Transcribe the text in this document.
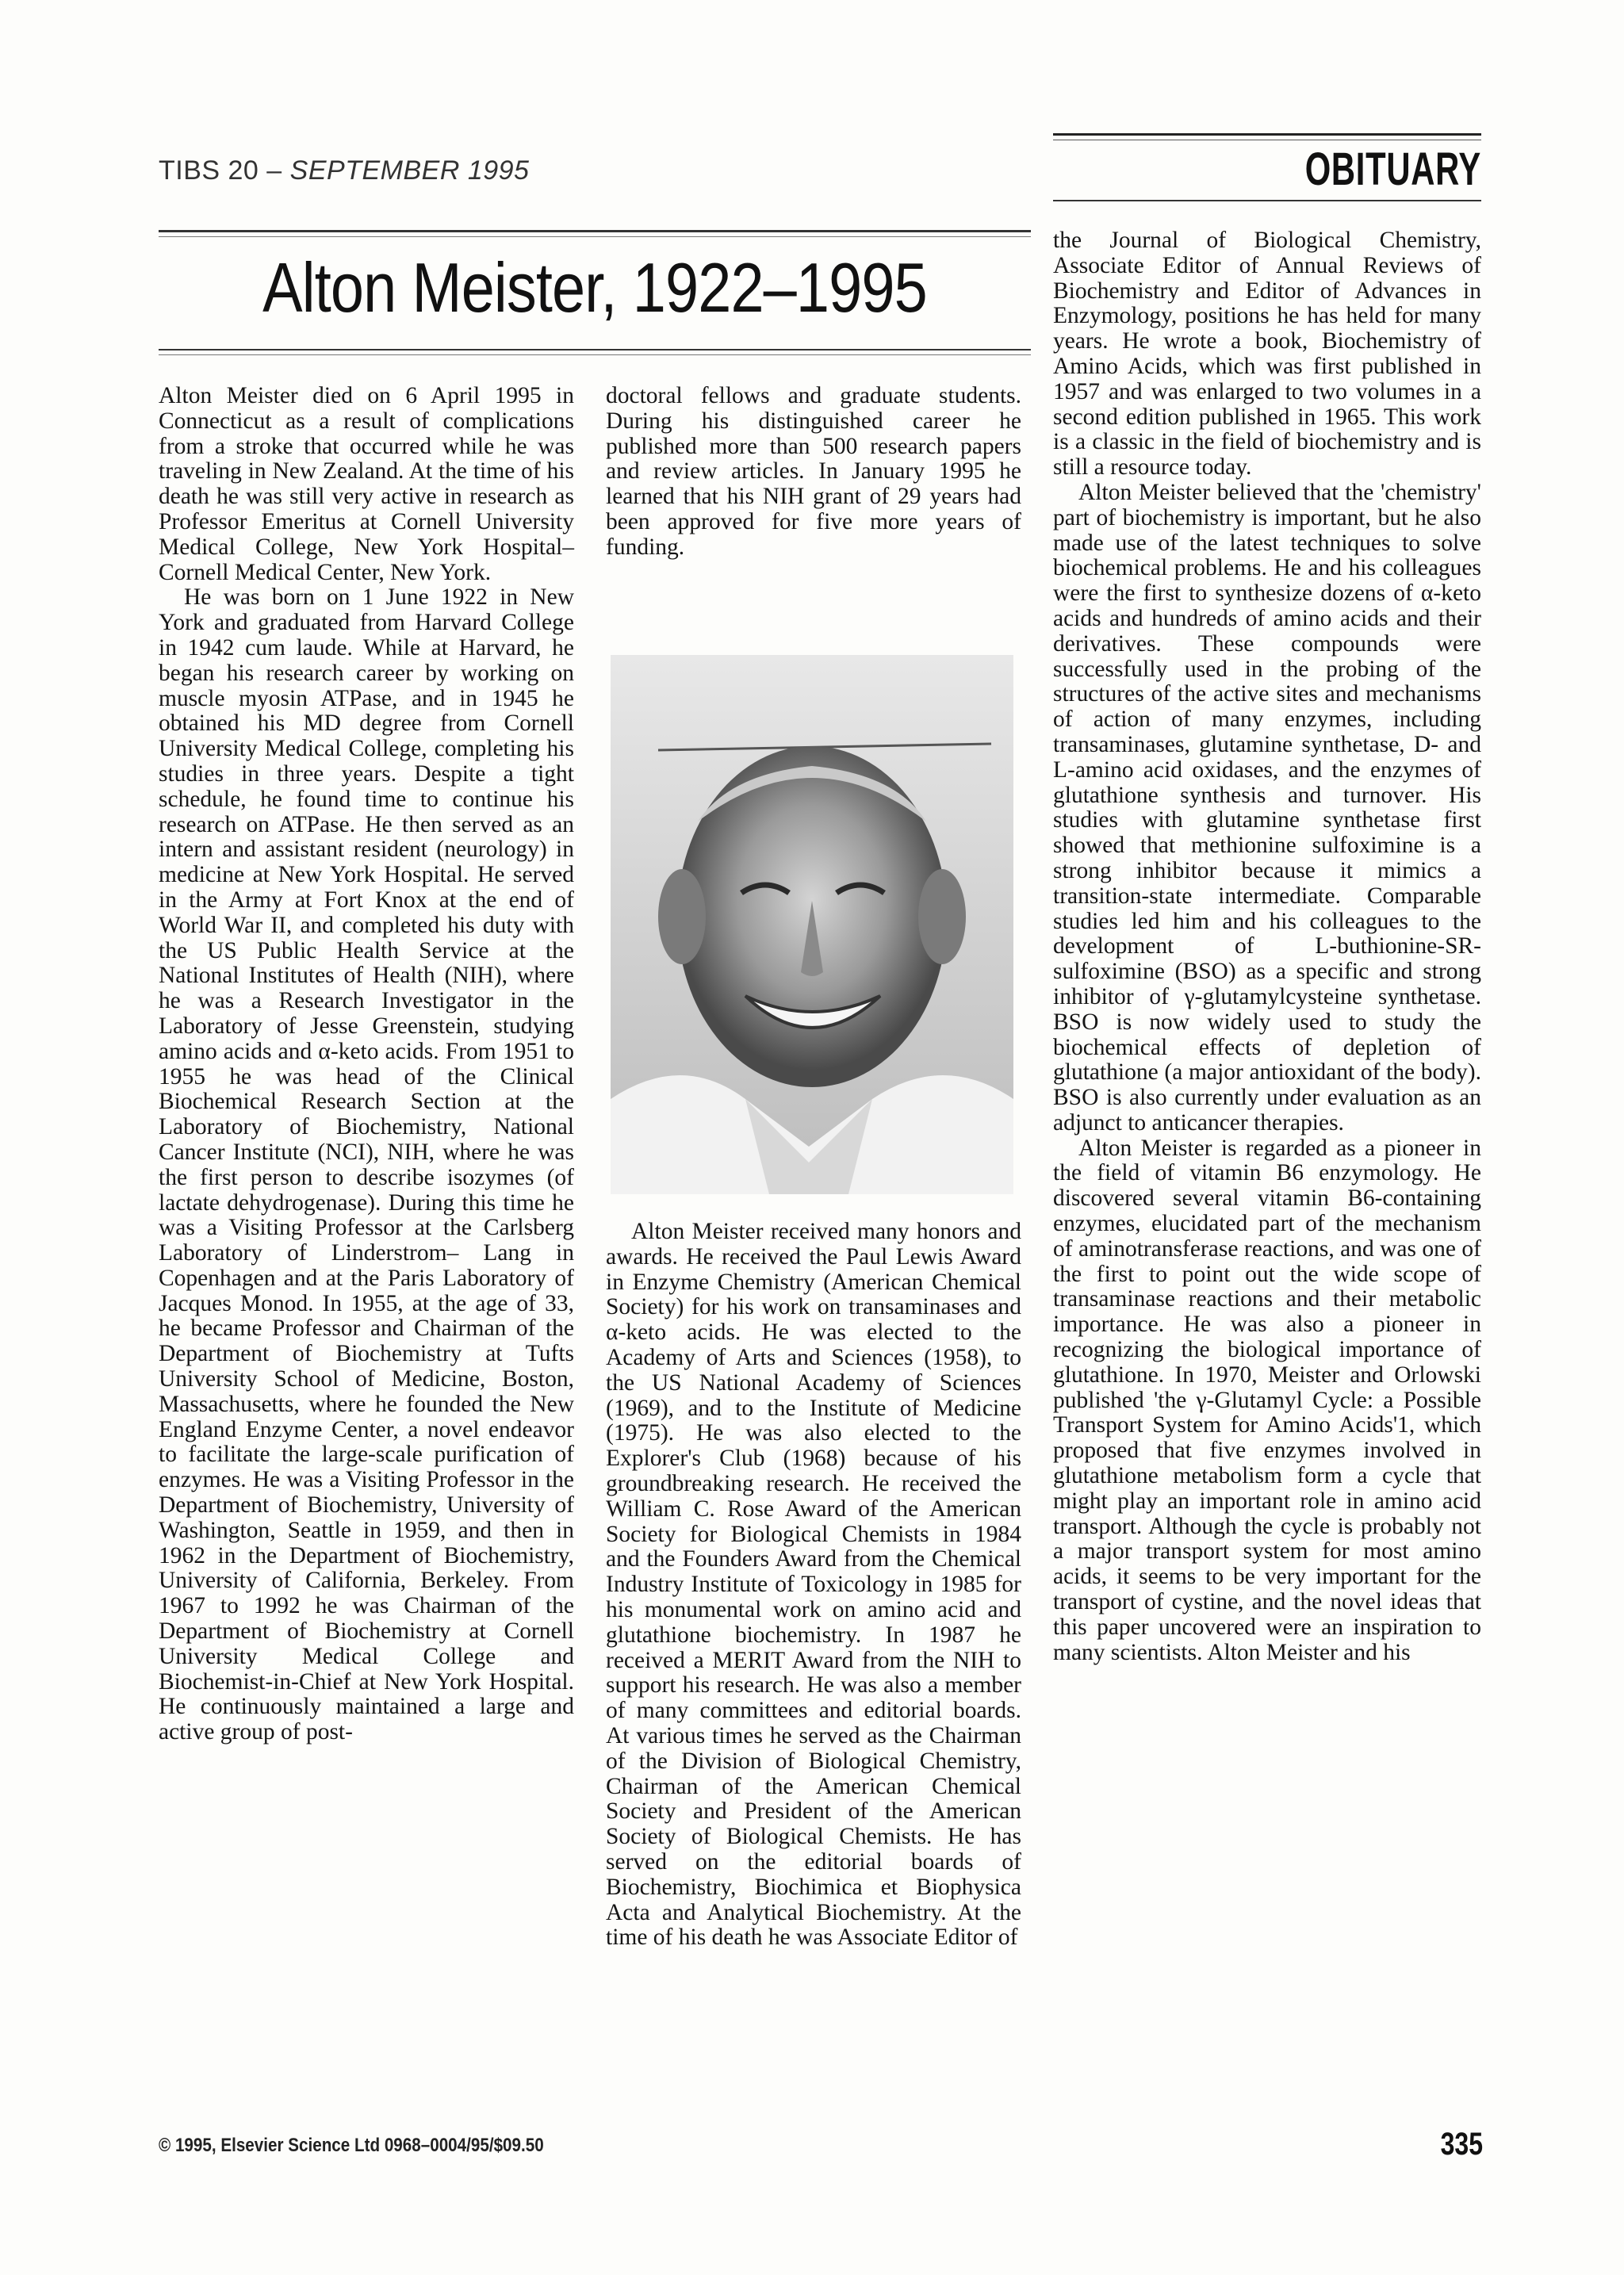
TIBS 20 – SEPTEMBER 1995	OBITUARY
Alton Meister, 1922–1995

Alton Meister died on 6 April 1995 in Connecticut as a result of complications from a stroke that occurred while he was traveling in New Zealand. At the time of his death he was still very active in research as Professor Emeritus at Cornell University Medical College, New York Hospital–Cornell Medical Center, New York.

He was born on 1 June 1922 in New York and graduated from Harvard College in 1942 cum laude. While at Harvard, he began his research career by working on muscle myosin ATPase, and in 1945 he obtained his MD degree from Cornell University Medical College, completing his studies in three years. Despite a tight schedule, he found time to continue his research on ATPase. He then served as an intern and assistant resident (neurology) in medicine at New York Hospital. He served in the Army at Fort Knox at the end of World War II, and completed his duty with the US Public Health Service at the National Institutes of Health (NIH), where he was a Research Investigator in the Laboratory of Jesse Greenstein, studying amino acids and α-keto acids. From 1951 to 1955 he was head of the Clinical Biochemical Research Section at the Laboratory of Biochemistry, National Cancer Institute (NCI), NIH, where he was the first person to describe isozymes (of lactate dehydrogenase). During this time he was a Visiting Professor at the Carlsberg Laboratory of Linderstrom– Lang in Copenhagen and at the Paris Laboratory of Jacques Monod. In 1955, at the age of 33, he became Professor and Chairman of the Department of Biochemistry at Tufts University School of Medicine, Boston, Massachusetts, where he founded the New England Enzyme Center, a novel endeavor to facilitate the large-scale purification of enzymes. He was a Visiting Professor in the Department of Biochemistry, University of Washington, Seattle in 1959, and then in 1962 in the Department of Biochemistry, University of California, Berkeley. From 1967 to 1992 he was Chairman of the Department of Biochemistry at Cornell University Medical College and Biochemist-in-Chief at New York Hospital. He continuously maintained a large and active group of post-

doctoral fellows and graduate students. During his distinguished career he published more than 500 research papers and review articles. In January 1995 he learned that his NIH grant of 29 years had been approved for five more years of funding.

Alton Meister received many honors and awards. He received the Paul Lewis Award in Enzyme Chemistry (American Chemical Society) for his work on transaminases and α-keto acids. He was elected to the Academy of Arts and Sciences (1958), to the US National Academy of Sciences (1969), and to the Institute of Medicine (1975). He was also elected to the Explorer's Club (1968) because of his groundbreaking research. He received the William C. Rose Award of the American Society for Biological Chemists in 1984 and the Founders Award from the Chemical Industry Institute of Toxicology in 1985 for his monumental work on amino acid and glutathione biochemistry. In 1987 he received a MERIT Award from the NIH to support his research. He was also a member of many committees and editorial boards. At various times he served as the Chairman of the Division of Biological Chemistry, Chairman of the American Chemical Society and President of the American Society of Biological Chemists. He has served on the editorial boards of Biochemistry, Biochimica et Biophysica Acta and Analytical Biochemistry. At the time of his death he was Associate Editor of

the Journal of Biological Chemistry, Associate Editor of Annual Reviews of Biochemistry and Editor of Advances in Enzymology, positions he has held for many years. He wrote a book, Biochemistry of Amino Acids, which was first published in 1957 and was enlarged to two volumes in a second edition published in 1965. This work is a classic in the field of biochemistry and is still a resource today.

Alton Meister believed that the 'chemistry' part of biochemistry is important, but he also made use of the latest techniques to solve biochemical problems. He and his colleagues were the first to synthesize dozens of α-keto acids and hundreds of amino acids and their derivatives. These compounds were successfully used in the probing of the structures of the active sites and mechanisms of action of many enzymes, including transaminases, glutamine synthetase, D- and L-amino acid oxidases, and the enzymes of glutathione synthesis and turnover. His studies with glutamine synthetase first showed that methionine sulfoximine is a strong inhibitor because it mimics a transition-state intermediate. Comparable studies led him and his colleagues to the development of L-buthionine-SR-sulfoximine (BSO) as a specific and strong inhibitor of γ-glutamylcysteine synthetase. BSO is now widely used to study the biochemical effects of depletion of glutathione (a major antioxidant of the body). BSO is also currently under evaluation as an adjunct to anticancer therapies.

Alton Meister is regarded as a pioneer in the field of vitamin B6 enzymology. He discovered several vitamin B6-containing enzymes, elucidated part of the mechanism of aminotransferase reactions, and was one of the first to point out the wide scope of transaminase reactions and their metabolic importance. He was also a pioneer in recognizing the biological importance of glutathione. In 1970, Meister and Orlowski published 'the γ-Glutamyl Cycle: a Possible Transport System for Amino Acids'1, which proposed that five enzymes involved in glutathione metabolism form a cycle that might play an important role in amino acid transport. Although the cycle is probably not a major transport system for most amino acids, it seems to be very important for the transport of cystine, and the novel ideas that this paper uncovered were an inspiration to many scientists. Alton Meister and his

© 1995, Elsevier Science Ltd 0968–0004/95/$09.50	335
